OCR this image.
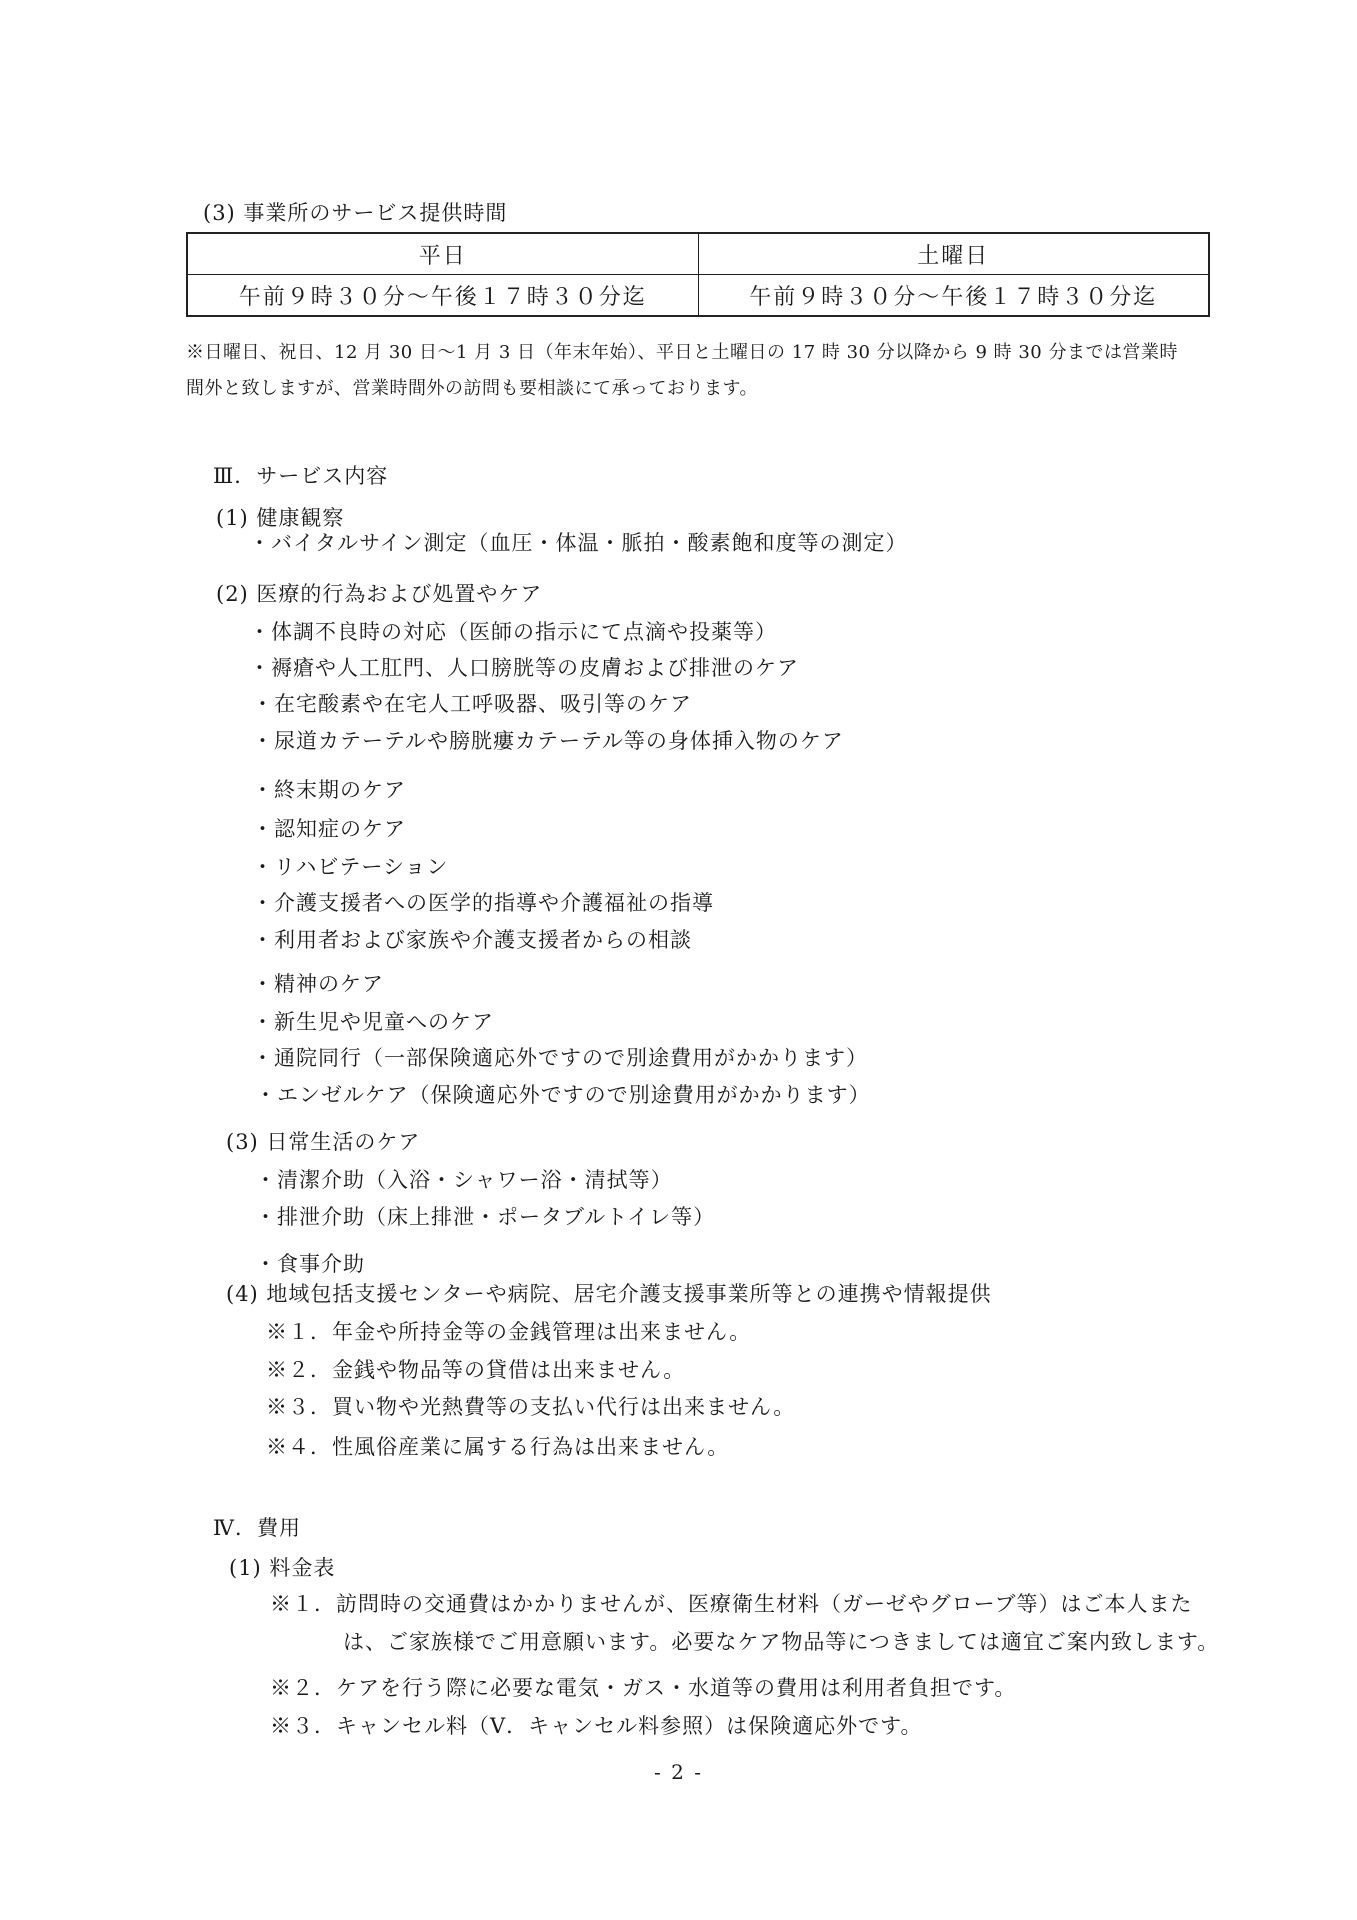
(3) 事業所のサービス提供時間
平日	土曜日
午前９時３０分～午後１７時３０分迄	午前９時３０分～午後１７時３０分迄
※日曜日、祝日、12 月 30 日～1 月 3 日（年末年始）、平日と土曜日の 17 時 30 分以降から 9 時 30 分までは営業時
間外と致しますが、営業時間外の訪問も要相談にて承っております。
Ⅲ．サービス内容
(1) 健康観察
・バイタルサイン測定（血圧・体温・脈拍・酸素飽和度等の測定）
(2) 医療的行為および処置やケア
・体調不良時の対応（医師の指示にて点滴や投薬等）
・褥瘡や人工肛門、人口膀胱等の皮膚および排泄のケア
・在宅酸素や在宅人工呼吸器、吸引等のケア
・尿道カテーテルや膀胱瘻カテーテル等の身体挿入物のケア
・終末期のケア
・認知症のケア
・リハビテーション
・介護支援者への医学的指導や介護福祉の指導
・利用者および家族や介護支援者からの相談
・精神のケア
・新生児や児童へのケア
・通院同行（一部保険適応外ですので別途費用がかかります）
・エンゼルケア（保険適応外ですので別途費用がかかります）
(3) 日常生活のケア
・清潔介助（入浴・シャワー浴・清拭等）
・排泄介助（床上排泄・ポータブルトイレ等）
・食事介助
(4) 地域包括支援センターや病院、居宅介護支援事業所等との連携や情報提供
※１．年金や所持金等の金銭管理は出来ません。
※２．金銭や物品等の貸借は出来ません。
※３．買い物や光熱費等の支払い代行は出来ません。
※４．性風俗産業に属する行為は出来ません。
Ⅳ．費用
(1) 料金表
※１．訪問時の交通費はかかりませんが、医療衛生材料（ガーゼやグローブ等）はご本人また
は、ご家族様でご用意願います。必要なケア物品等につきましては適宜ご案内致します。
※２．ケアを行う際に必要な電気・ガス・水道等の費用は利用者負担です。
※３．キャンセル料（Ⅴ．キャンセル料参照）は保険適応外です。
- 2 -
